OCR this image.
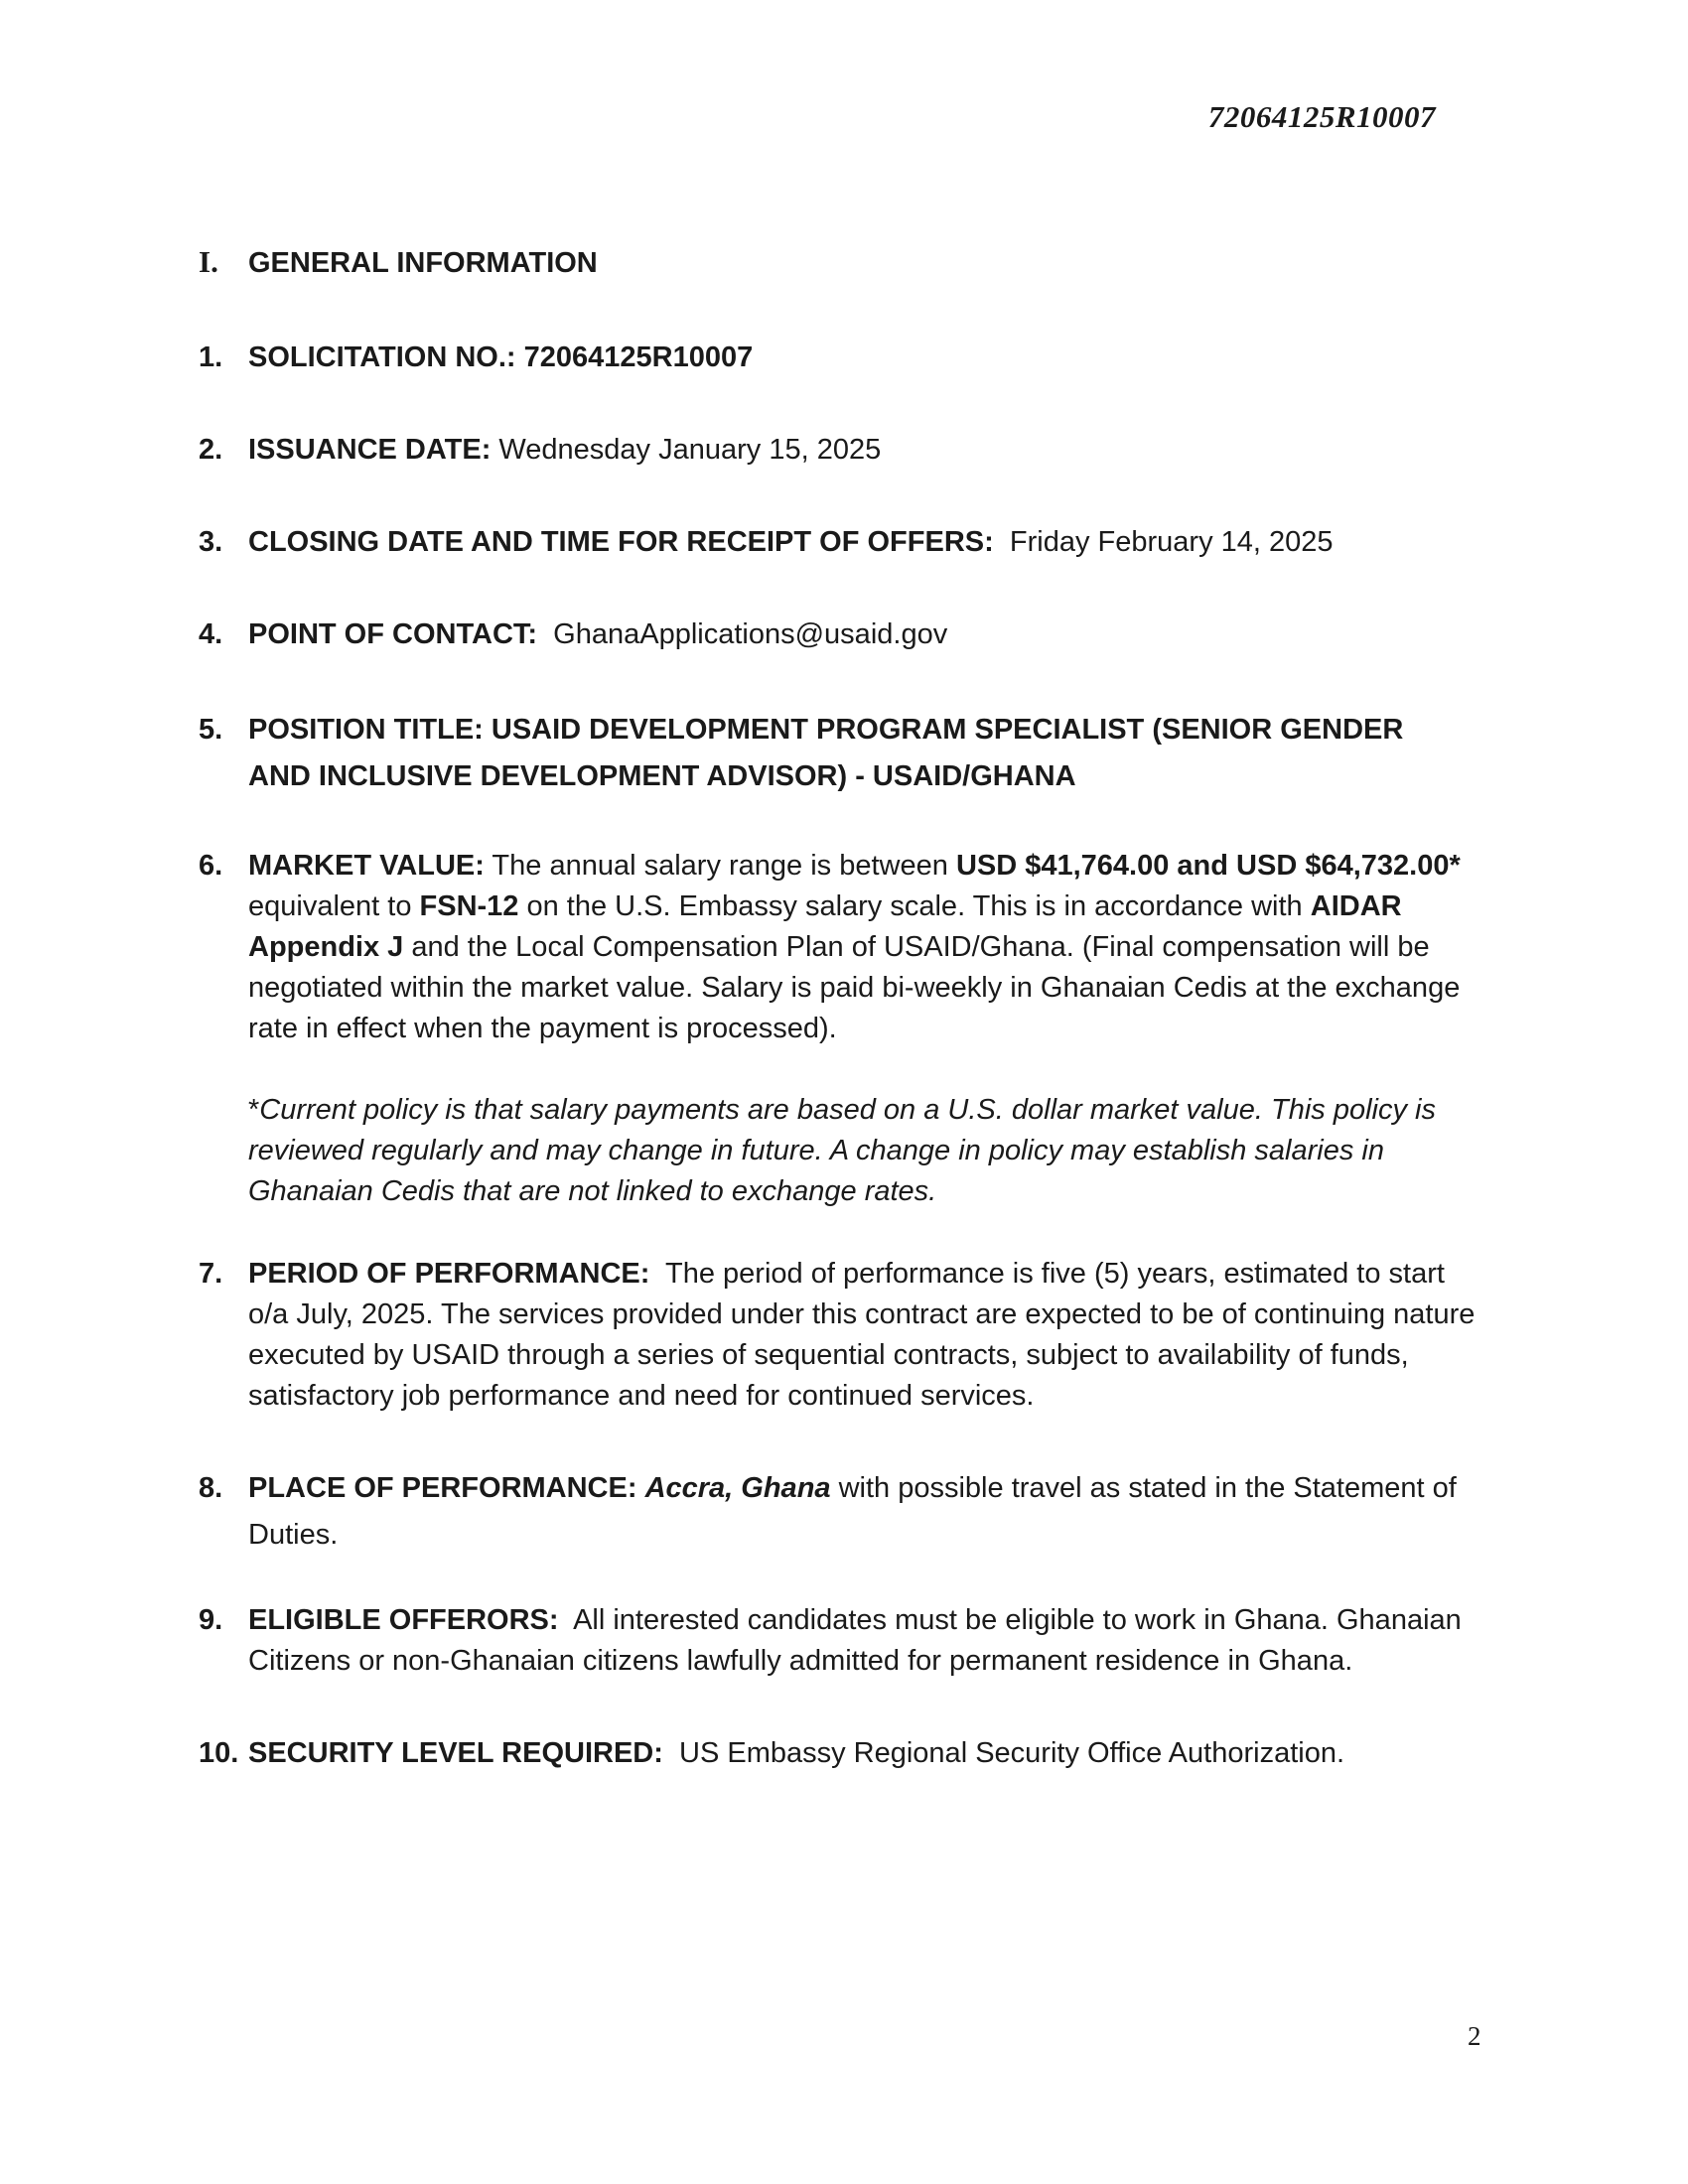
72064125R10007
I. GENERAL INFORMATION
1. SOLICITATION NO.: 72064125R10007
2. ISSUANCE DATE: Wednesday January 15, 2025
3. CLOSING DATE AND TIME FOR RECEIPT OF OFFERS:  Friday February 14, 2025
4. POINT OF CONTACT:  GhanaApplications@usaid.gov
5. POSITION TITLE: USAID DEVELOPMENT PROGRAM SPECIALIST (SENIOR GENDER AND INCLUSIVE DEVELOPMENT ADVISOR) - USAID/GHANA
6. MARKET VALUE: The annual salary range is between USD $41,764.00 and USD $64,732.00* equivalent to FSN-12 on the U.S. Embassy salary scale. This is in accordance with AIDAR Appendix J and the Local Compensation Plan of USAID/Ghana. (Final compensation will be negotiated within the market value. Salary is paid bi-weekly in Ghanaian Cedis at the exchange rate in effect when the payment is processed).
*Current policy is that salary payments are based on a U.S. dollar market value. This policy is reviewed regularly and may change in future. A change in policy may establish salaries in Ghanaian Cedis that are not linked to exchange rates.
7. PERIOD OF PERFORMANCE:  The period of performance is five (5) years, estimated to start o/a July, 2025. The services provided under this contract are expected to be of continuing nature executed by USAID through a series of sequential contracts, subject to availability of funds, satisfactory job performance and need for continued services.
8. PLACE OF PERFORMANCE: Accra, Ghana with possible travel as stated in the Statement of Duties.
9. ELIGIBLE OFFERORS:  All interested candidates must be eligible to work in Ghana. Ghanaian Citizens or non-Ghanaian citizens lawfully admitted for permanent residence in Ghana.
10. SECURITY LEVEL REQUIRED:  US Embassy Regional Security Office Authorization.
2
